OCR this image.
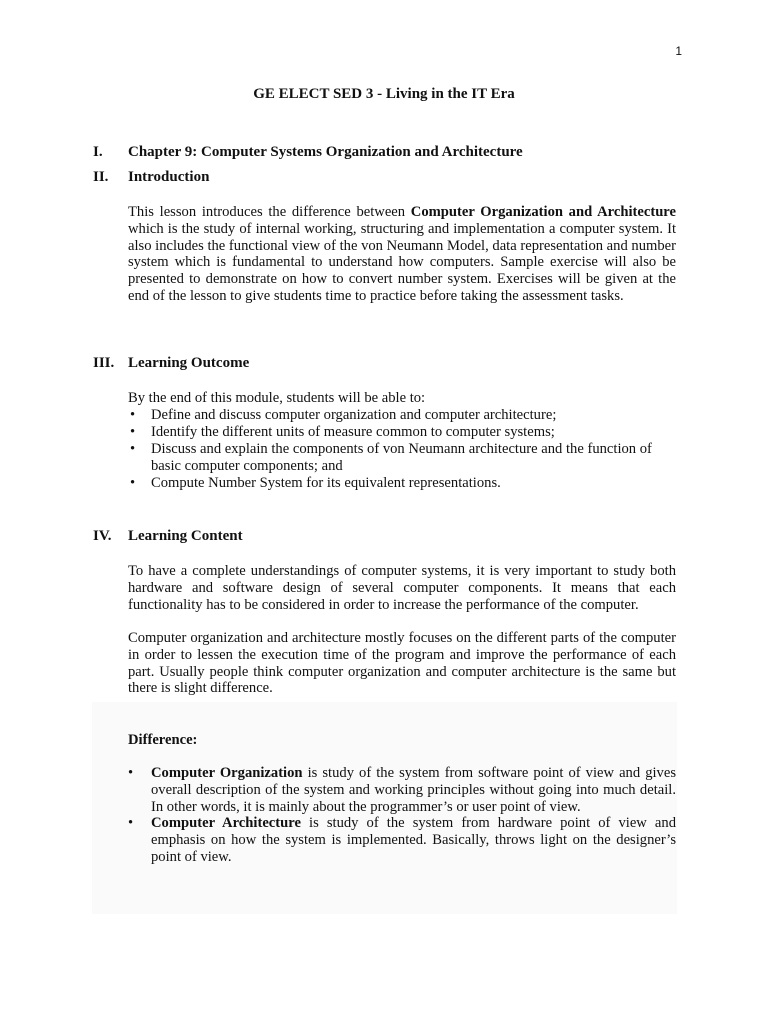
1
GE ELECT SED 3 - Living in the IT Era
I. Chapter 9: Computer Systems Organization and Architecture
II. Introduction
This lesson introduces the difference between Computer Organization and Architecture which is the study of internal working, structuring and implementation a computer system. It also includes the functional view of the von Neumann Model, data representation and number system which is fundamental to understand how computers. Sample exercise will also be presented to demonstrate on how to convert number system. Exercises will be given at the end of the lesson to give students time to practice before taking the assessment tasks.
III. Learning Outcome
By the end of this module, students will be able to:
• Define and discuss computer organization and computer architecture;
• Identify the different units of measure common to computer systems;
• Discuss and explain the components of von Neumann architecture and the function of basic computer components; and
• Compute Number System for its equivalent representations.
IV. Learning Content
To have a complete understandings of computer systems, it is very important to study both hardware and software design of several computer components. It means that each functionality has to be considered in order to increase the performance of the computer.
Computer organization and architecture mostly focuses on the different parts of the computer in order to lessen the execution time of the program and improve the performance of each part. Usually people think computer organization and computer architecture is the same but there is slight difference.
Difference:
• Computer Organization is study of the system from software point of view and gives overall description of the system and working principles without going into much detail. In other words, it is mainly about the programmer’s or user point of view.
• Computer Architecture is study of the system from hardware point of view and emphasis on how the system is implemented. Basically, throws light on the designer’s point of view.
